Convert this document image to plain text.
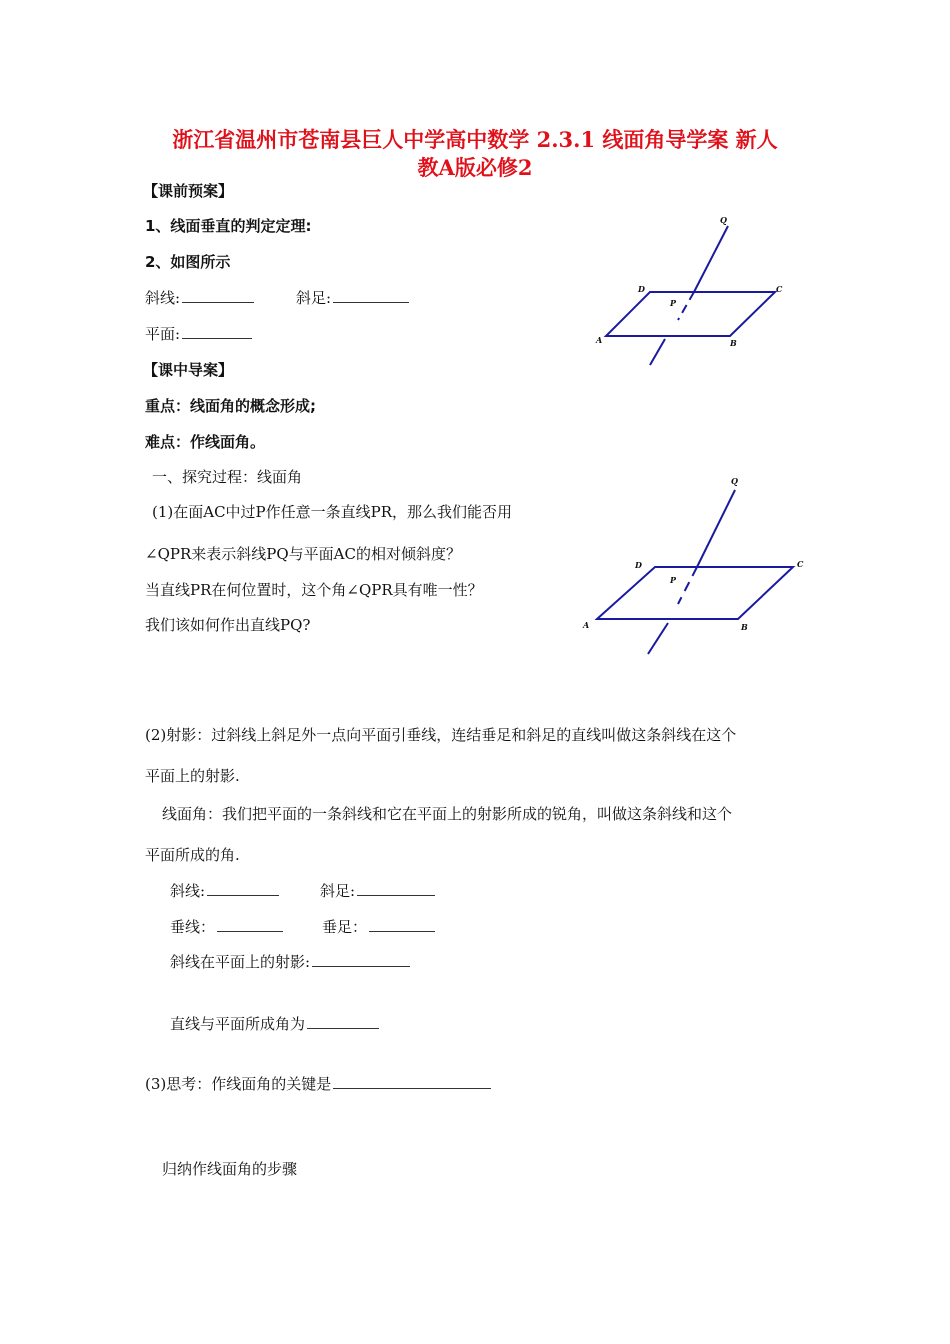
浙江省温州市苍南县巨人中学高中数学 2.3.1 线面角导学案 新人
教A版必修2
【课前预案】
1、线面垂直的判定定理:
2、如图所示
斜线:	斜足:
平面:
【课中导案】
重点：线面角的概念形成;
难点：作线面角。
一、探究过程：线面角
(1)在面AC中过P作任意一条直线PR，那么我们能否用
∠QPR来表示斜线PQ与平面AC的相对倾斜度？
当直线PR在何位置时，这个角∠QPR具有唯一性？
我们该如何作出直线PQ?
(2)射影：过斜线上斜足外一点向平面引垂线，连结垂足和斜足的直线叫做这条斜线在这个
平面上的射影.
线面角：我们把平面的一条斜线和它在平面上的射影所成的锐角，叫做这条斜线和这个
平面所成的角.
斜线:	斜足:
垂线：	垂足：
斜线在平面上的射影:
直线与平面所成角为
(3)思考：作线面角的关键是
归纳作线面角的步骤
Q
P
D	C
A	B
Q
P
D	C
A	B
